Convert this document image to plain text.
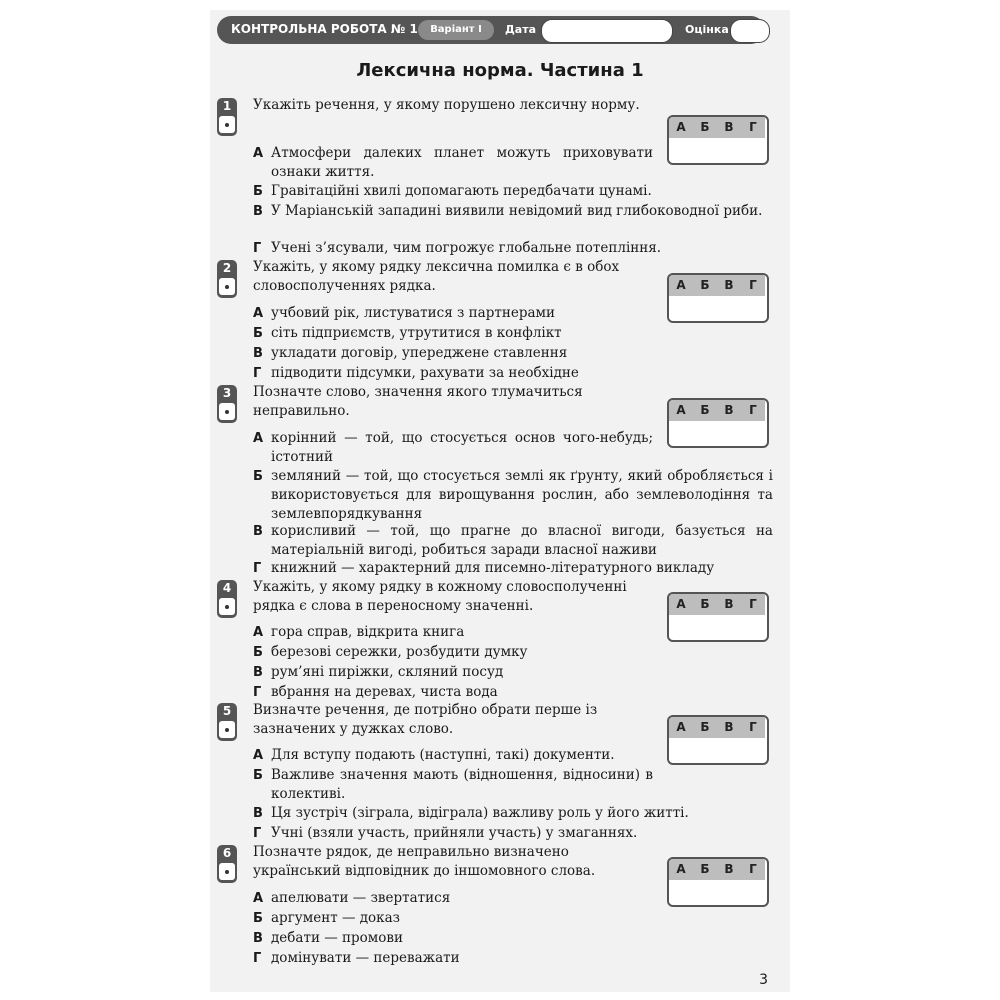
КОНТРОЛЬНА РОБОТА № 1	Варіант І	Дата	Оцінка
Лексична норма. Частина 1
1	Укажіть речення, у якому порушено лексичну норму.
А	Б	В	Г
А Атмосфери далеких планет можуть приховувати ознаки життя.
Б Гравітаційні хвилі допомагають передбачати цунамі.
В У Маріанській западині виявили невідомий вид глибоководної риби.
Г Учені з’ясували, чим погрожує глобальне потепління.
2	Укажіть, у якому рядку лексична помилка є в обох словосполученнях рядка.	А	Б	В	Г
А учбовий рік, листуватися з партнерами
Б сіть підприємств, утрутитися в конфлікт
В укладати договір, упереджене ставлення
Г підводити підсумки, рахувати за необхідне
3	Позначте слово, значення якого тлумачиться неправильно.	А	Б	В	Г
А корінний — той, що стосується основ чого-небудь; істотний
Б земляний — той, що стосується землі як ґрунту, який обробляється і використовується для вирощування рослин, або землеволодіння та землевпорядкування
В корисливий — той, що прагне до власної вигоди, базується на матеріальній вигоді, робиться заради власної наживи
Г книжний — характерний для писемно-літературного викладу
4	Укажіть, у якому рядку в кожному словосполученні рядка є слова в переносному значенні.	А	Б	В	Г
А гора справ, відкрита книга
Б березові сережки, розбудити думку
В рум’яні пиріжки, скляний посуд
Г вбрання на деревах, чиста вода
5	Визначте речення, де потрібно обрати перше із зазначених у дужках слово.	А	Б	В	Г
А Для вступу подають (наступні, такі) документи.
Б Важливе значення мають (відношення, відносини) в колективі.
В Ця зустріч (зіграла, відіграла) важливу роль у його житті.
Г Учні (взяли участь, прийняли участь) у змаганнях.
6	Позначте рядок, де неправильно визначено український відповідник до іншомовного слова.	А	Б	В	Г
А апелювати — звертатися
Б аргумент — доказ
В дебати — промови
Г домінувати — переважати
3
